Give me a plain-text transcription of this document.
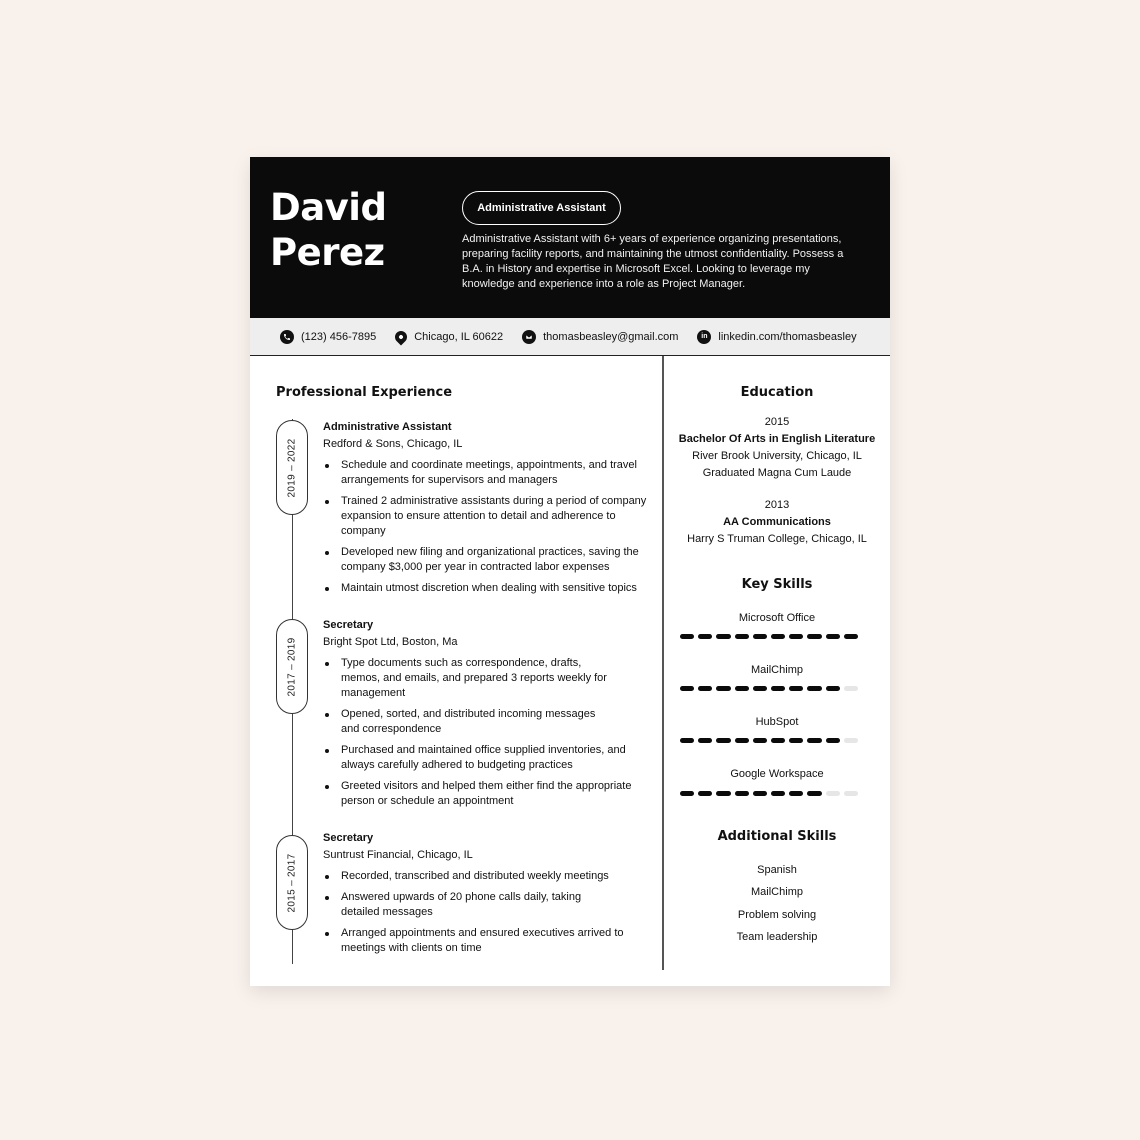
David
Perez
Administrative Assistant
Administrative Assistant with 6+ years of experience organizing presentations, preparing facility reports, and maintaining the utmost confidentiality. Possess a B.A. in History and expertise in Microsoft Excel. Looking to leverage my knowledge and experience into a role as Project Manager.
(123) 456-7895	Chicago, IL 60622	thomasbeasley@gmail.com	in linkedin.com/thomasbeasley
Professional Experience
2019 – 2022
2017 – 2019
2015 – 2017
Administrative Assistant
Redford & Sons, Chicago, IL
Schedule and coordinate meetings, appointments, and travel arrangements for supervisors and managers
Trained 2 administrative assistants during a period of company expansion to ensure attention to detail and adherence to company
Developed new filing and organizational practices, saving the company $3,000 per year in contracted labor expenses
Maintain utmost discretion when dealing with sensitive topics
Secretary
Bright Spot Ltd, Boston, Ma
Type documents such as correspondence, drafts, memos, and emails, and prepared 3 reports weekly for management
Opened, sorted, and distributed incoming messages and correspondence
Purchased and maintained office supplied inventories, and always carefully adhered to budgeting practices
Greeted visitors and helped them either find the appropriate person or schedule an appointment
Secretary
Suntrust Financial, Chicago, IL
Recorded, transcribed and distributed weekly meetings
Answered upwards of 20 phone calls daily, taking detailed messages
Arranged appointments and ensured executives arrived to meetings with clients on time
Education
2015
Bachelor Of Arts in English Literature
River Brook University, Chicago, IL
Graduated Magna Cum Laude
2013
AA Communications
Harry S Truman College, Chicago, IL
Key Skills
Microsoft Office
MailChimp
HubSpot
Google Workspace
Additional Skills
Spanish
MailChimp
Problem solving
Team leadership
